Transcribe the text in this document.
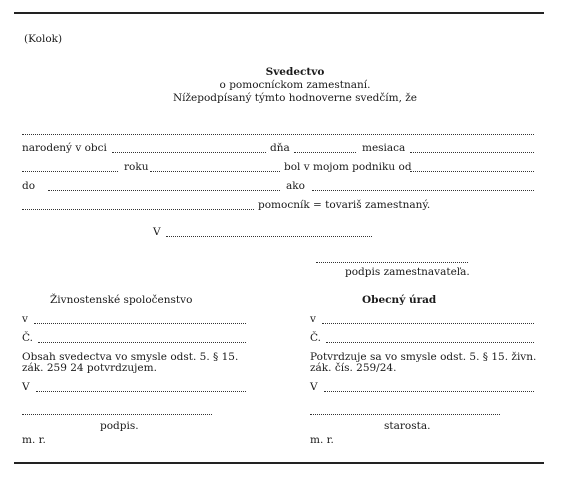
(Kolok)
Svedectvo
o pomocníckom zamestnaní.
Nížepodpísaný týmto hodnoverne svedčím, že
narodený v obci	dňa	mesiaca
roku	bol v mojom podniku od
do	ako
pomocník = tovariš zamestnaný.
V
podpis zamestnavateľa.
Živnostenské spoločenstvo
v
Č.
Obsah svedectva vo smysle odst. 5. § 15.
zák. 259 24 potvrdzujem.
V
podpis.
m. r.
Obecný úrad
v
Č.
Potvrdzuje sa vo smysle odst. 5. § 15. živn.
zák. čís. 259/24.
V
starosta.
m. r.
